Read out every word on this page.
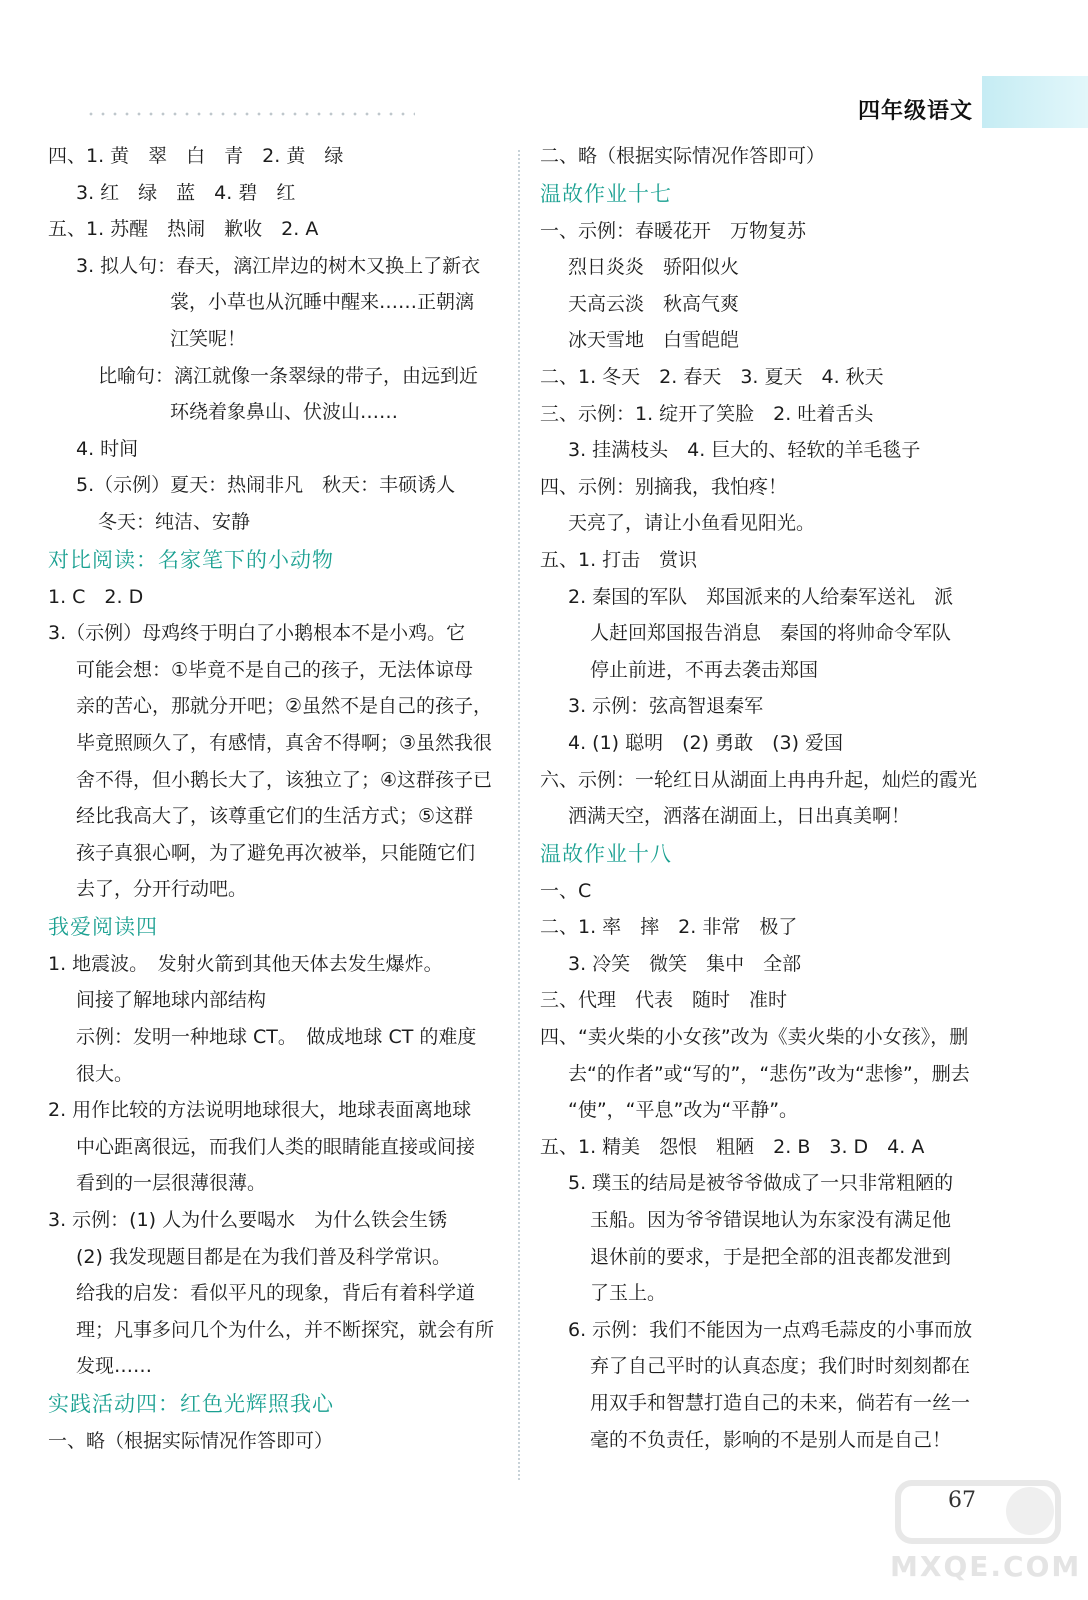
四年级语文
四、1. 黄　翠　白　青　2. 黄　绿
3. 红　绿　蓝　4. 碧　红
五、1. 苏醒　热闹　歉收　2. A
3. 拟人句：春天，漓江岸边的树木又换上了新衣
裳，小草也从沉睡中醒来……正朝漓
江笑呢！
比喻句：漓江就像一条翠绿的带子，由远到近
环绕着象鼻山、伏波山……
4. 时间
5.（示例）夏天：热闹非凡　秋天：丰硕诱人
冬天：纯洁、安静
对比阅读：名家笔下的小动物
1. C　2. D
3.（示例）母鸡终于明白了小鹅根本不是小鸡。它
可能会想：①毕竟不是自己的孩子，无法体谅母
亲的苦心，那就分开吧；②虽然不是自己的孩子，
毕竟照顾久了，有感情，真舍不得啊；③虽然我很
舍不得，但小鹅长大了，该独立了；④这群孩子已
经比我高大了，该尊重它们的生活方式；⑤这群
孩子真狠心啊，为了避免再次被举，只能随它们
去了，分开行动吧。
我爱阅读四
1. 地震波。　发射火箭到其他天体去发生爆炸。
间接了解地球内部结构
示例：发明一种地球 CT。　做成地球 CT 的难度
很大。
2. 用作比较的方法说明地球很大，地球表面离地球
中心距离很远，而我们人类的眼睛能直接或间接
看到的一层很薄很薄。
3. 示例：(1) 人为什么要喝水　为什么铁会生锈
(2) 我发现题目都是在为我们普及科学常识。
给我的启发：看似平凡的现象，背后有着科学道
理；凡事多问几个为什么，并不断探究，就会有所
发现……
实践活动四：红色光辉照我心
一、略（根据实际情况作答即可）
二、略（根据实际情况作答即可）
温故作业十七
一、示例：春暖花开　万物复苏
烈日炎炎　骄阳似火
天高云淡　秋高气爽
冰天雪地　白雪皑皑
二、1. 冬天　2. 春天　3. 夏天　4. 秋天
三、示例：1. 绽开了笑脸　2. 吐着舌头
3. 挂满枝头　4. 巨大的、轻软的羊毛毯子
四、示例：别摘我，我怕疼！
天亮了，请让小鱼看见阳光。
五、1. 打击　赏识
2. 秦国的军队　郑国派来的人给秦军送礼　派
人赶回郑国报告消息　秦国的将帅命令军队
停止前进，不再去袭击郑国
3. 示例：弦高智退秦军
4. (1) 聪明　(2) 勇敢　(3) 爱国
六、示例：一轮红日从湖面上冉冉升起，灿烂的霞光
洒满天空，洒落在湖面上，日出真美啊！
温故作业十八
一、C
二、1. 率　摔　2. 非常　极了
3. 冷笑　微笑　集中　全部
三、代理　代表　随时　准时
四、“卖火柴的小女孩”改为《卖火柴的小女孩》，删
去“的作者”或“写的”，“悲伤”改为“悲惨”，删去
“使”，“平息”改为“平静”。
五、1. 精美　怨恨　粗陋　2. B　3. D　4. A
5. 璞玉的结局是被爷爷做成了一只非常粗陋的
玉船。因为爷爷错误地认为东家没有满足他
退休前的要求，于是把全部的沮丧都发泄到
了玉上。
6. 示例：我们不能因为一点鸡毛蒜皮的小事而放
弃了自己平时的认真态度；我们时时刻刻都在
用双手和智慧打造自己的未来，倘若有一丝一
毫的不负责任，影响的不是别人而是自己！
MXQE.COM
67
